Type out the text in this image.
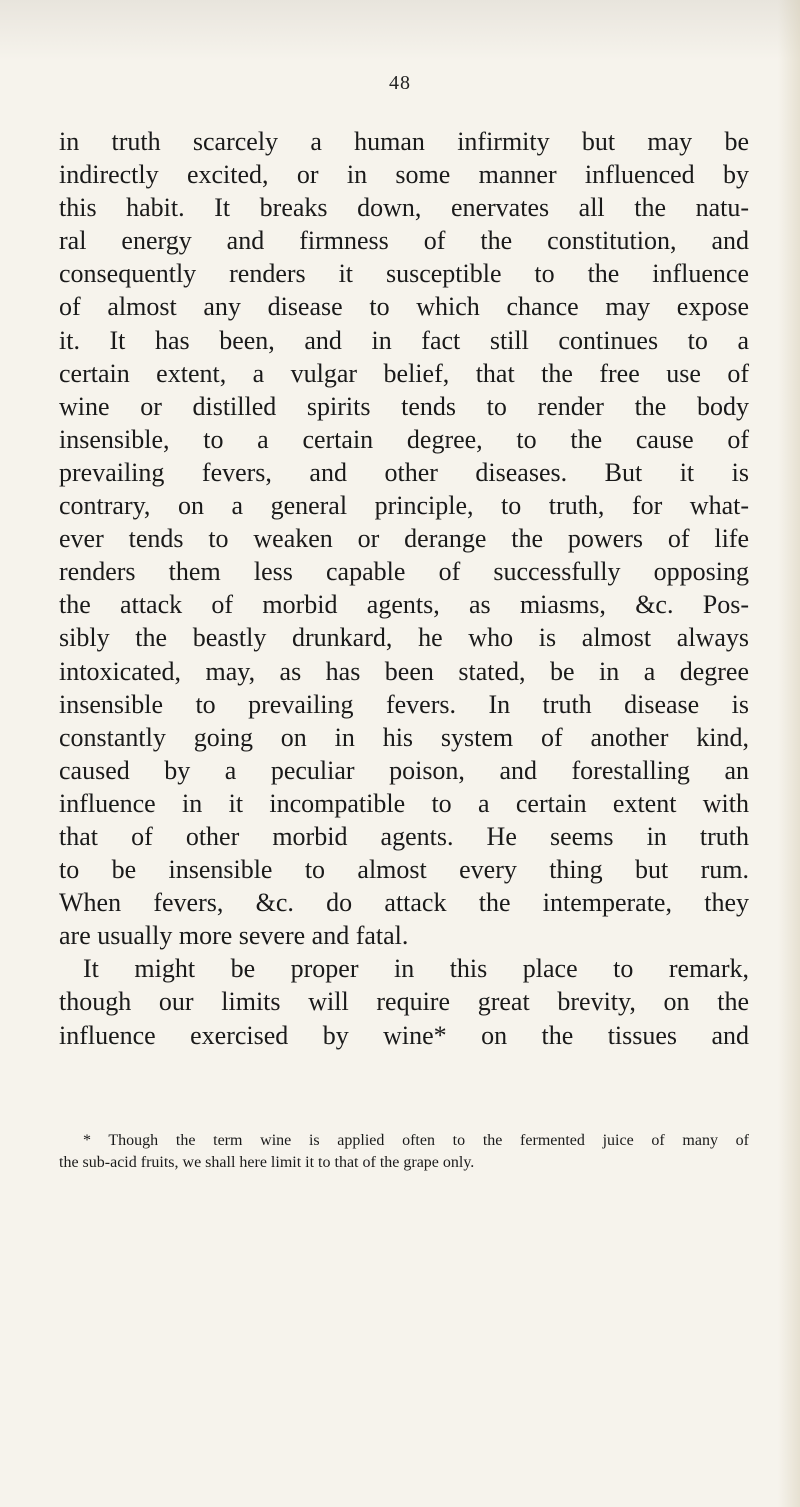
48
in truth scarcely a human infirmity but may be
indirectly excited, or in some manner influenced by
this habit. It breaks down, enervates all the natu-
ral energy and firmness of the constitution, and
consequently renders it susceptible to the influence
of almost any disease to which chance may expose
it. It has been, and in fact still continues to a
certain extent, a vulgar belief, that the free use of
wine or distilled spirits tends to render the body
insensible, to a certain degree, to the cause of
prevailing fevers, and other diseases. But it is
contrary, on a general principle, to truth, for what-
ever tends to weaken or derange the powers of life
renders them less capable of successfully opposing
the attack of morbid agents, as miasms, &c. Pos-
sibly the beastly drunkard, he who is almost always
intoxicated, may, as has been stated, be in a degree
insensible to prevailing fevers. In truth disease is
constantly going on in his system of another kind,
caused by a peculiar poison, and forestalling an
influence in it incompatible to a certain extent with
that of other morbid agents. He seems in truth
to be insensible to almost every thing but rum.
When fevers, &c. do attack the intemperate, they
are usually more severe and fatal.
It might be proper in this place to remark,
though our limits will require great brevity, on the
influence exercised by wine* on the tissues and
* Though the term wine is applied often to the fermented juice of many of
the sub-acid fruits, we shall here limit it to that of the grape only.
